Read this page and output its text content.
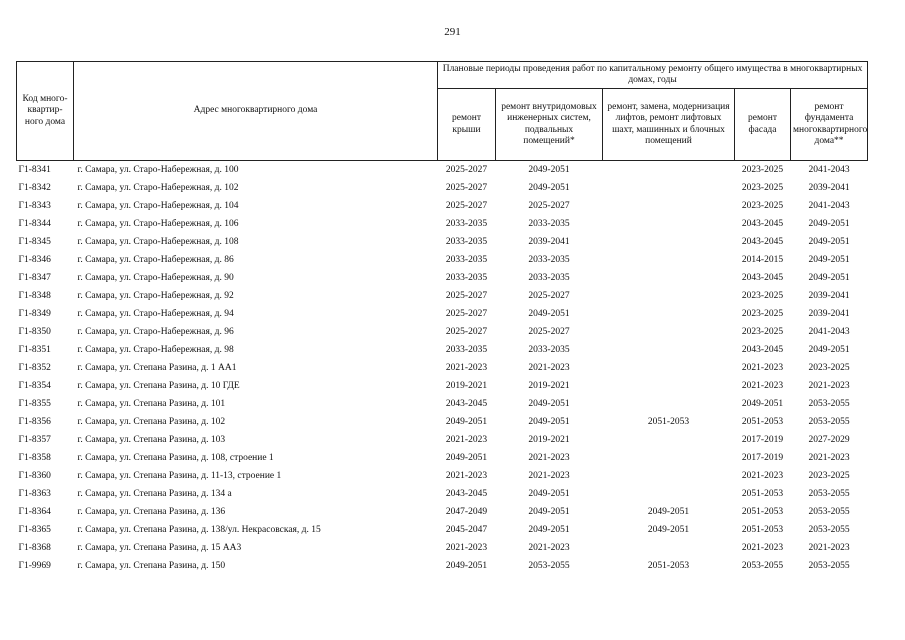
291
Код много-квартир-ного дома	Адрес многоквартирного дома	Плановые периоды проведения работ по капитальному ремонту общего имущества в многоквартирных домах, годы				
		ремонт крыши	ремонт внутридомовых инженерных систем, подвальных помещений*	ремонт, замена, модернизация лифтов, ремонт лифтовых шахт, машинных и блочных помещений	ремонт фасада	ремонт фундамента многоквартирного дома**
Г1-8341	г. Самара, ул. Старо-Набережная, д. 100	2025-2027	2049-2051		2023-2025	2041-2043
Г1-8342	г. Самара, ул. Старо-Набережная, д. 102	2025-2027	2049-2051		2023-2025	2039-2041
Г1-8343	г. Самара, ул. Старо-Набережная, д. 104	2025-2027	2025-2027		2023-2025	2041-2043
Г1-8344	г. Самара, ул. Старо-Набережная, д. 106	2033-2035	2033-2035		2043-2045	2049-2051
Г1-8345	г. Самара, ул. Старо-Набережная, д. 108	2033-2035	2039-2041		2043-2045	2049-2051
Г1-8346	г. Самара, ул. Старо-Набережная, д. 86	2033-2035	2033-2035		2014-2015	2049-2051
Г1-8347	г. Самара, ул. Старо-Набережная, д. 90	2033-2035	2033-2035		2043-2045	2049-2051
Г1-8348	г. Самара, ул. Старо-Набережная, д. 92	2025-2027	2025-2027		2023-2025	2039-2041
Г1-8349	г. Самара, ул. Старо-Набережная, д. 94	2025-2027	2049-2051		2023-2025	2039-2041
Г1-8350	г. Самара, ул. Старо-Набережная, д. 96	2025-2027	2025-2027		2023-2025	2041-2043
Г1-8351	г. Самара, ул. Старо-Набережная, д. 98	2033-2035	2033-2035		2043-2045	2049-2051
Г1-8352	г. Самара, ул. Степана Разина, д. 1 АА1	2021-2023	2021-2023		2021-2023	2023-2025
Г1-8354	г. Самара, ул. Степана Разина, д. 10 ГДЕ	2019-2021	2019-2021		2021-2023	2021-2023
Г1-8355	г. Самара, ул. Степана Разина, д. 101	2043-2045	2049-2051		2049-2051	2053-2055
Г1-8356	г. Самара, ул. Степана Разина, д. 102	2049-2051	2049-2051	2051-2053	2051-2053	2053-2055
Г1-8357	г. Самара, ул. Степана Разина, д. 103	2021-2023	2019-2021		2017-2019	2027-2029
Г1-8358	г. Самара, ул. Степана Разина, д. 108, строение 1	2049-2051	2021-2023		2017-2019	2021-2023
Г1-8360	г. Самара, ул. Степана Разина, д. 11-13, строение 1	2021-2023	2021-2023		2021-2023	2023-2025
Г1-8363	г. Самара, ул. Степана Разина, д. 134 а	2043-2045	2049-2051		2051-2053	2053-2055
Г1-8364	г. Самара, ул. Степана Разина, д. 136	2047-2049	2049-2051	2049-2051	2051-2053	2053-2055
Г1-8365	г. Самара, ул. Степана Разина, д. 138/ул. Некрасовская, д. 15	2045-2047	2049-2051	2049-2051	2051-2053	2053-2055
Г1-8368	г. Самара, ул. Степана Разина, д. 15 АА3	2021-2023	2021-2023		2021-2023	2021-2023
Г1-9969	г. Самара, ул. Степана Разина, д. 150	2049-2051	2053-2055	2051-2053	2053-2055	2053-2055
